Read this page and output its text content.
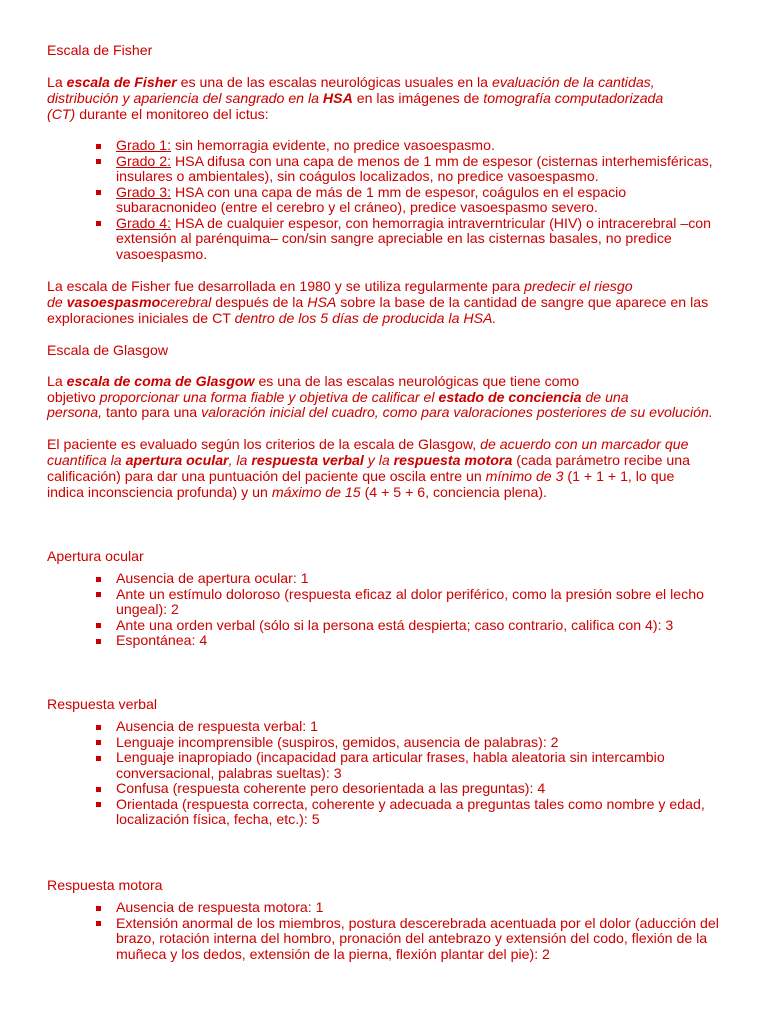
Escala de Fisher

La escala de Fisher es una de las escalas neurológicas usuales en la evaluación de la cantidas,
distribución y apariencia del sangrado en la HSA en las imágenes de tomografía computadorizada
(CT) durante el monitoreo del ictus:

Grado 1: sin hemorragia evidente, no predice vasoespasmo.
Grado 2: HSA difusa con una capa de menos de 1 mm de espesor (cisternas interhemisféricas,
insulares o ambientales), sin coágulos localizados, no predice vasoespasmo.
Grado 3: HSA con una capa de más de 1 mm de espesor, coágulos en el espacio
subaracnonideo (entre el cerebro y el cráneo), predice vasoespasmo severo.
Grado 4: HSA de cualquier espesor, con hemorragia intraverntricular (HIV) o intracerebral –con
extensión al parénquima– con/sin sangre apreciable en las cisternas basales, no predice
vasoespasmo.

La escala de Fisher fue desarrollada en 1980 y se utiliza regularmente para predecir el riesgo
de vasoespasmocerebral después de la HSA sobre la base de la cantidad de sangre que aparece en las
exploraciones iniciales de CT dentro de los 5 días de producida la HSA.

Escala de Glasgow

La escala de coma de Glasgow es una de las escalas neurológicas que tiene como
objetivo proporcionar una forma fiable y objetiva de calificar el estado de conciencia de una
persona, tanto para una valoración inicial del cuadro, como para valoraciones posteriores de su evolución.

El paciente es evaluado según los criterios de la escala de Glasgow, de acuerdo con un marcador que
cuantifica la apertura ocular, la respuesta verbal y la respuesta motora (cada parámetro recibe una
calificación) para dar una puntuación del paciente que oscila entre un mínimo de 3 (1 + 1 + 1, lo que
indica inconsciencia profunda) y un máximo de 15 (4 + 5 + 6, conciencia plena).

Apertura ocular
Ausencia de apertura ocular: 1
Ante un estímulo doloroso (respuesta eficaz al dolor periférico, como la presión sobre el lecho
ungeal): 2
Ante una orden verbal (sólo si la persona está despierta; caso contrario, califica con 4): 3
Espontánea: 4
Respuesta verbal
Ausencia de respuesta verbal: 1
Lenguaje incomprensible (suspiros, gemidos, ausencia de palabras): 2
Lenguaje inapropiado (incapacidad para articular frases, habla aleatoria sin intercambio
conversacional, palabras sueltas): 3
Confusa (respuesta coherente pero desorientada a las preguntas): 4
Orientada (respuesta correcta, coherente y adecuada a preguntas tales como nombre y edad,
localización física, fecha, etc.): 5
Respuesta motora
Ausencia de respuesta motora: 1
Extensión anormal de los miembros, postura descerebrada acentuada por el dolor (aducción del
brazo, rotación interna del hombro, pronación del antebrazo y extensión del codo, flexión de la
muñeca y los dedos, extensión de la pierna, flexión plantar del pie): 2
